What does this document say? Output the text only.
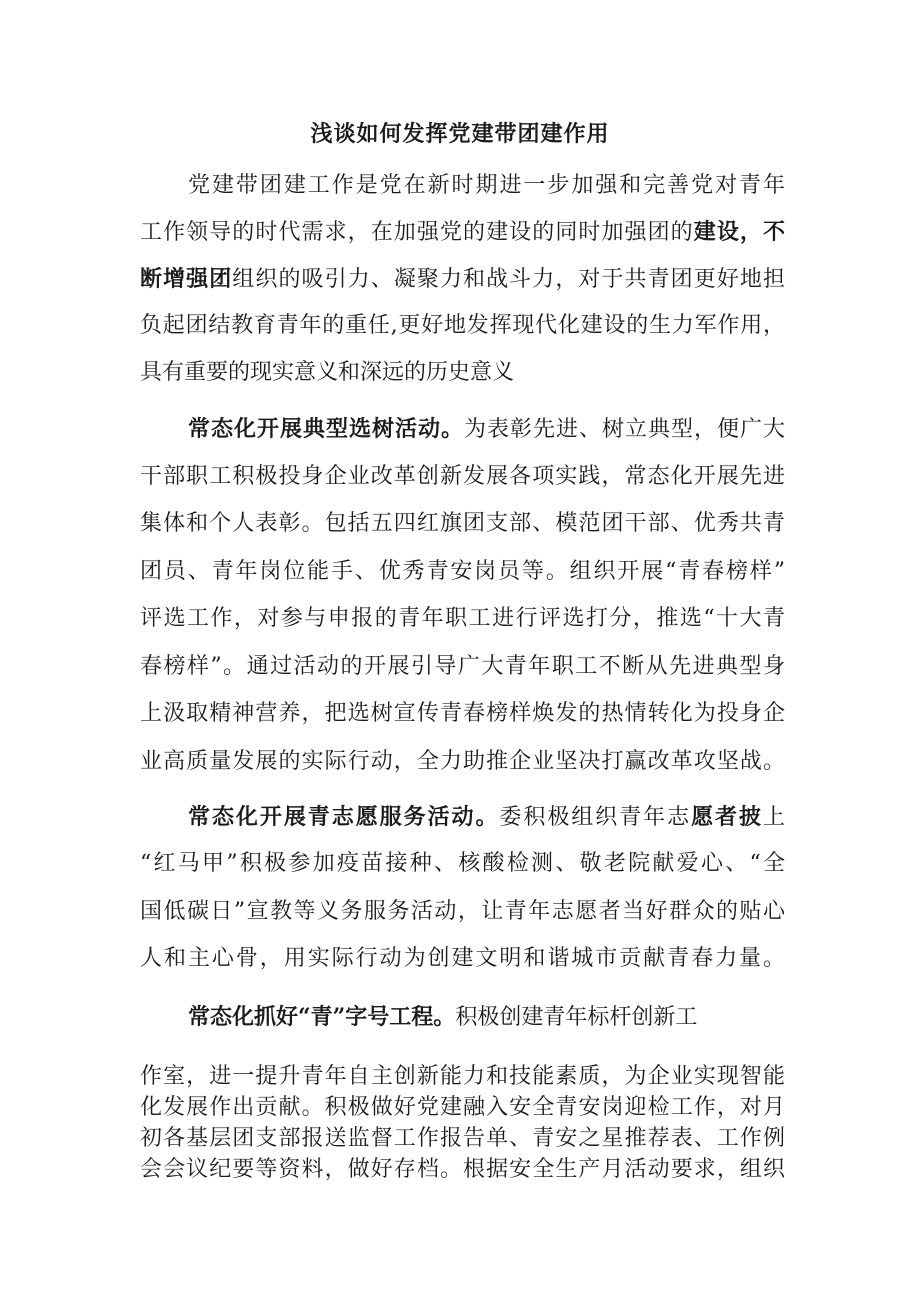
浅谈如何发挥党建带团建作用
党建带团建工作是党在新时期进一步加强和完善党对青年
工作领导的时代需求，在加强党的建设的同时加强团的建设，不
断增强团组织的吸引力、凝聚力和战斗力，对于共青团更好地担
负起团结教育青年的重任,更好地发挥现代化建设的生力军作用，
具有重要的现实意义和深远的历史意义
常态化开展典型选树活动。为表彰先进、树立典型，便广大
干部职工积极投身企业改革创新发展各项实践，常态化开展先进
集体和个人表彰。包括五四红旗团支部、模范团干部、优秀共青
团员、青年岗位能手、优秀青安岗员等。组织开展“青春榜样”
评选工作，对参与申报的青年职工进行评选打分，推选“十大青
春榜样”。通过活动的开展引导广大青年职工不断从先进典型身
上汲取精神营养，把选树宣传青春榜样焕发的热情转化为投身企
业高质量发展的实际行动，全力助推企业坚决打赢改革攻坚战。
常态化开展青志愿服务活动。委积极组织青年志愿者披上
“红马甲”积极参加疫苗接种、核酸检测、敬老院献爱心、“全
国低碳日”宣教等义务服务活动，让青年志愿者当好群众的贴心
人和主心骨，用实际行动为创建文明和谐城市贡献青春力量。
常态化抓好“青”字号工程。积极创建青年标杆创新工
作室，进一提升青年自主创新能力和技能素质，为企业实现智能
化发展作出贡献。积极做好党建融入安全青安岗迎检工作，对月
初各基层团支部报送监督工作报告单、青安之星推荐表、工作例
会会议纪要等资料，做好存档。根据安全生产月活动要求，组织
